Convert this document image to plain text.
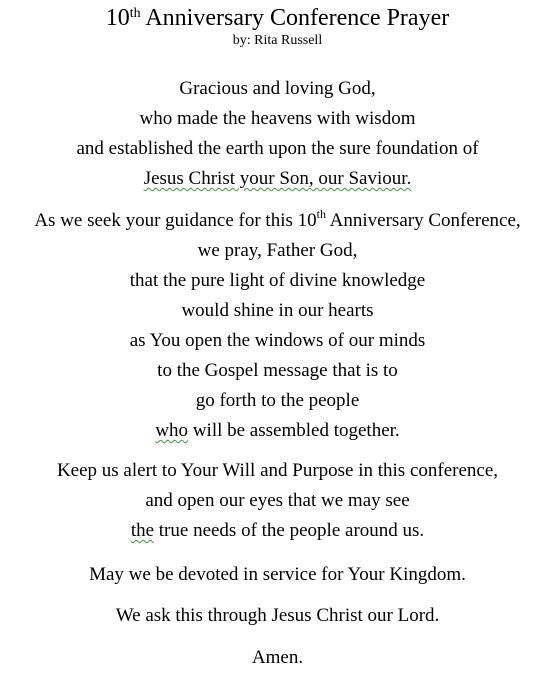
10th Anniversary Conference Prayer
by: Rita Russell
Gracious and loving God,
who made the heavens with wisdom
and established the earth upon the sure foundation of
Jesus Christ your Son, our Saviour.
As we seek your guidance for this 10th Anniversary Conference,
we pray, Father God,
that the pure light of divine knowledge
would shine in our hearts
as You open the windows of our minds
to the Gospel message that is to
go forth to the people
who will be assembled together.
Keep us alert to Your Will and Purpose in this conference,
and open our eyes that we may see
the true needs of the people around us.
May we be devoted in service for Your Kingdom.
We ask this through Jesus Christ our Lord.
Amen.
